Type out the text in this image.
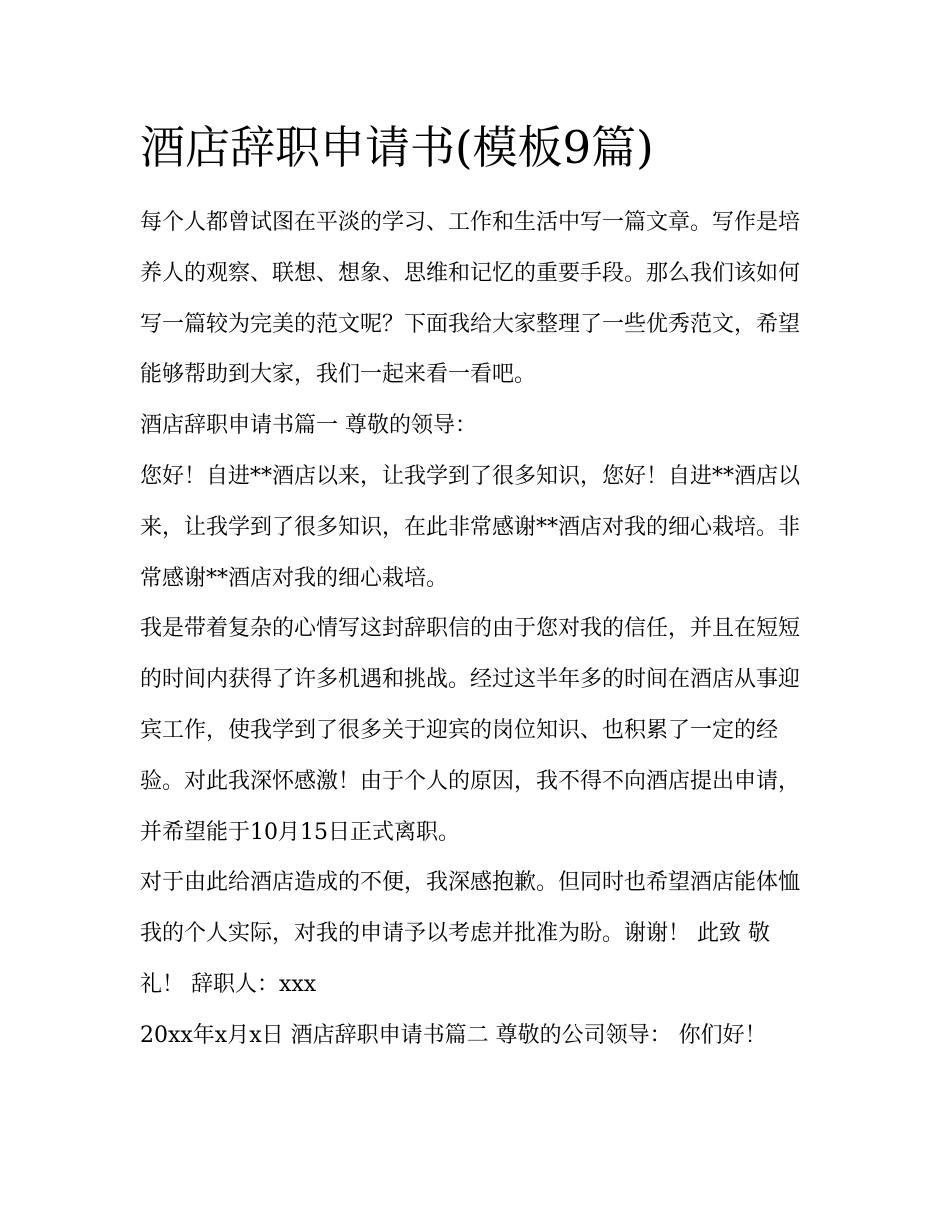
酒店辞职申请书(模板9篇)

每个人都曾试图在平淡的学习、工作和生活中写一篇文章。写作是培养人的观察、联想、想象、思维和记忆的重要手段。那么我们该如何写一篇较为完美的范文呢？下面我给大家整理了一些优秀范文，希望能够帮助到大家，我们一起来看一看吧。

酒店辞职申请书篇一 尊敬的领导：

您好！自进**酒店以来，让我学到了很多知识，您好！自进**酒店以来，让我学到了很多知识，在此非常感谢**酒店对我的细心栽培。非常感谢**酒店对我的细心栽培。

我是带着复杂的心情写这封辞职信的由于您对我的信任，并且在短短的时间内获得了许多机遇和挑战。经过这半年多的时间在酒店从事迎宾工作，使我学到了很多关于迎宾的岗位知识、也积累了一定的经验。对此我深怀感激！由于个人的原因，我不得不向酒店提出申请，并希望能于10月15日正式离职。

对于由此给酒店造成的不便，我深感抱歉。但同时也希望酒店能体恤我的个人实际，对我的申请予以考虑并批准为盼。谢谢！ 此致 敬礼！ 辞职人：xxx

20xx年x月x日 酒店辞职申请书篇二 尊敬的公司领导： 你们好！
